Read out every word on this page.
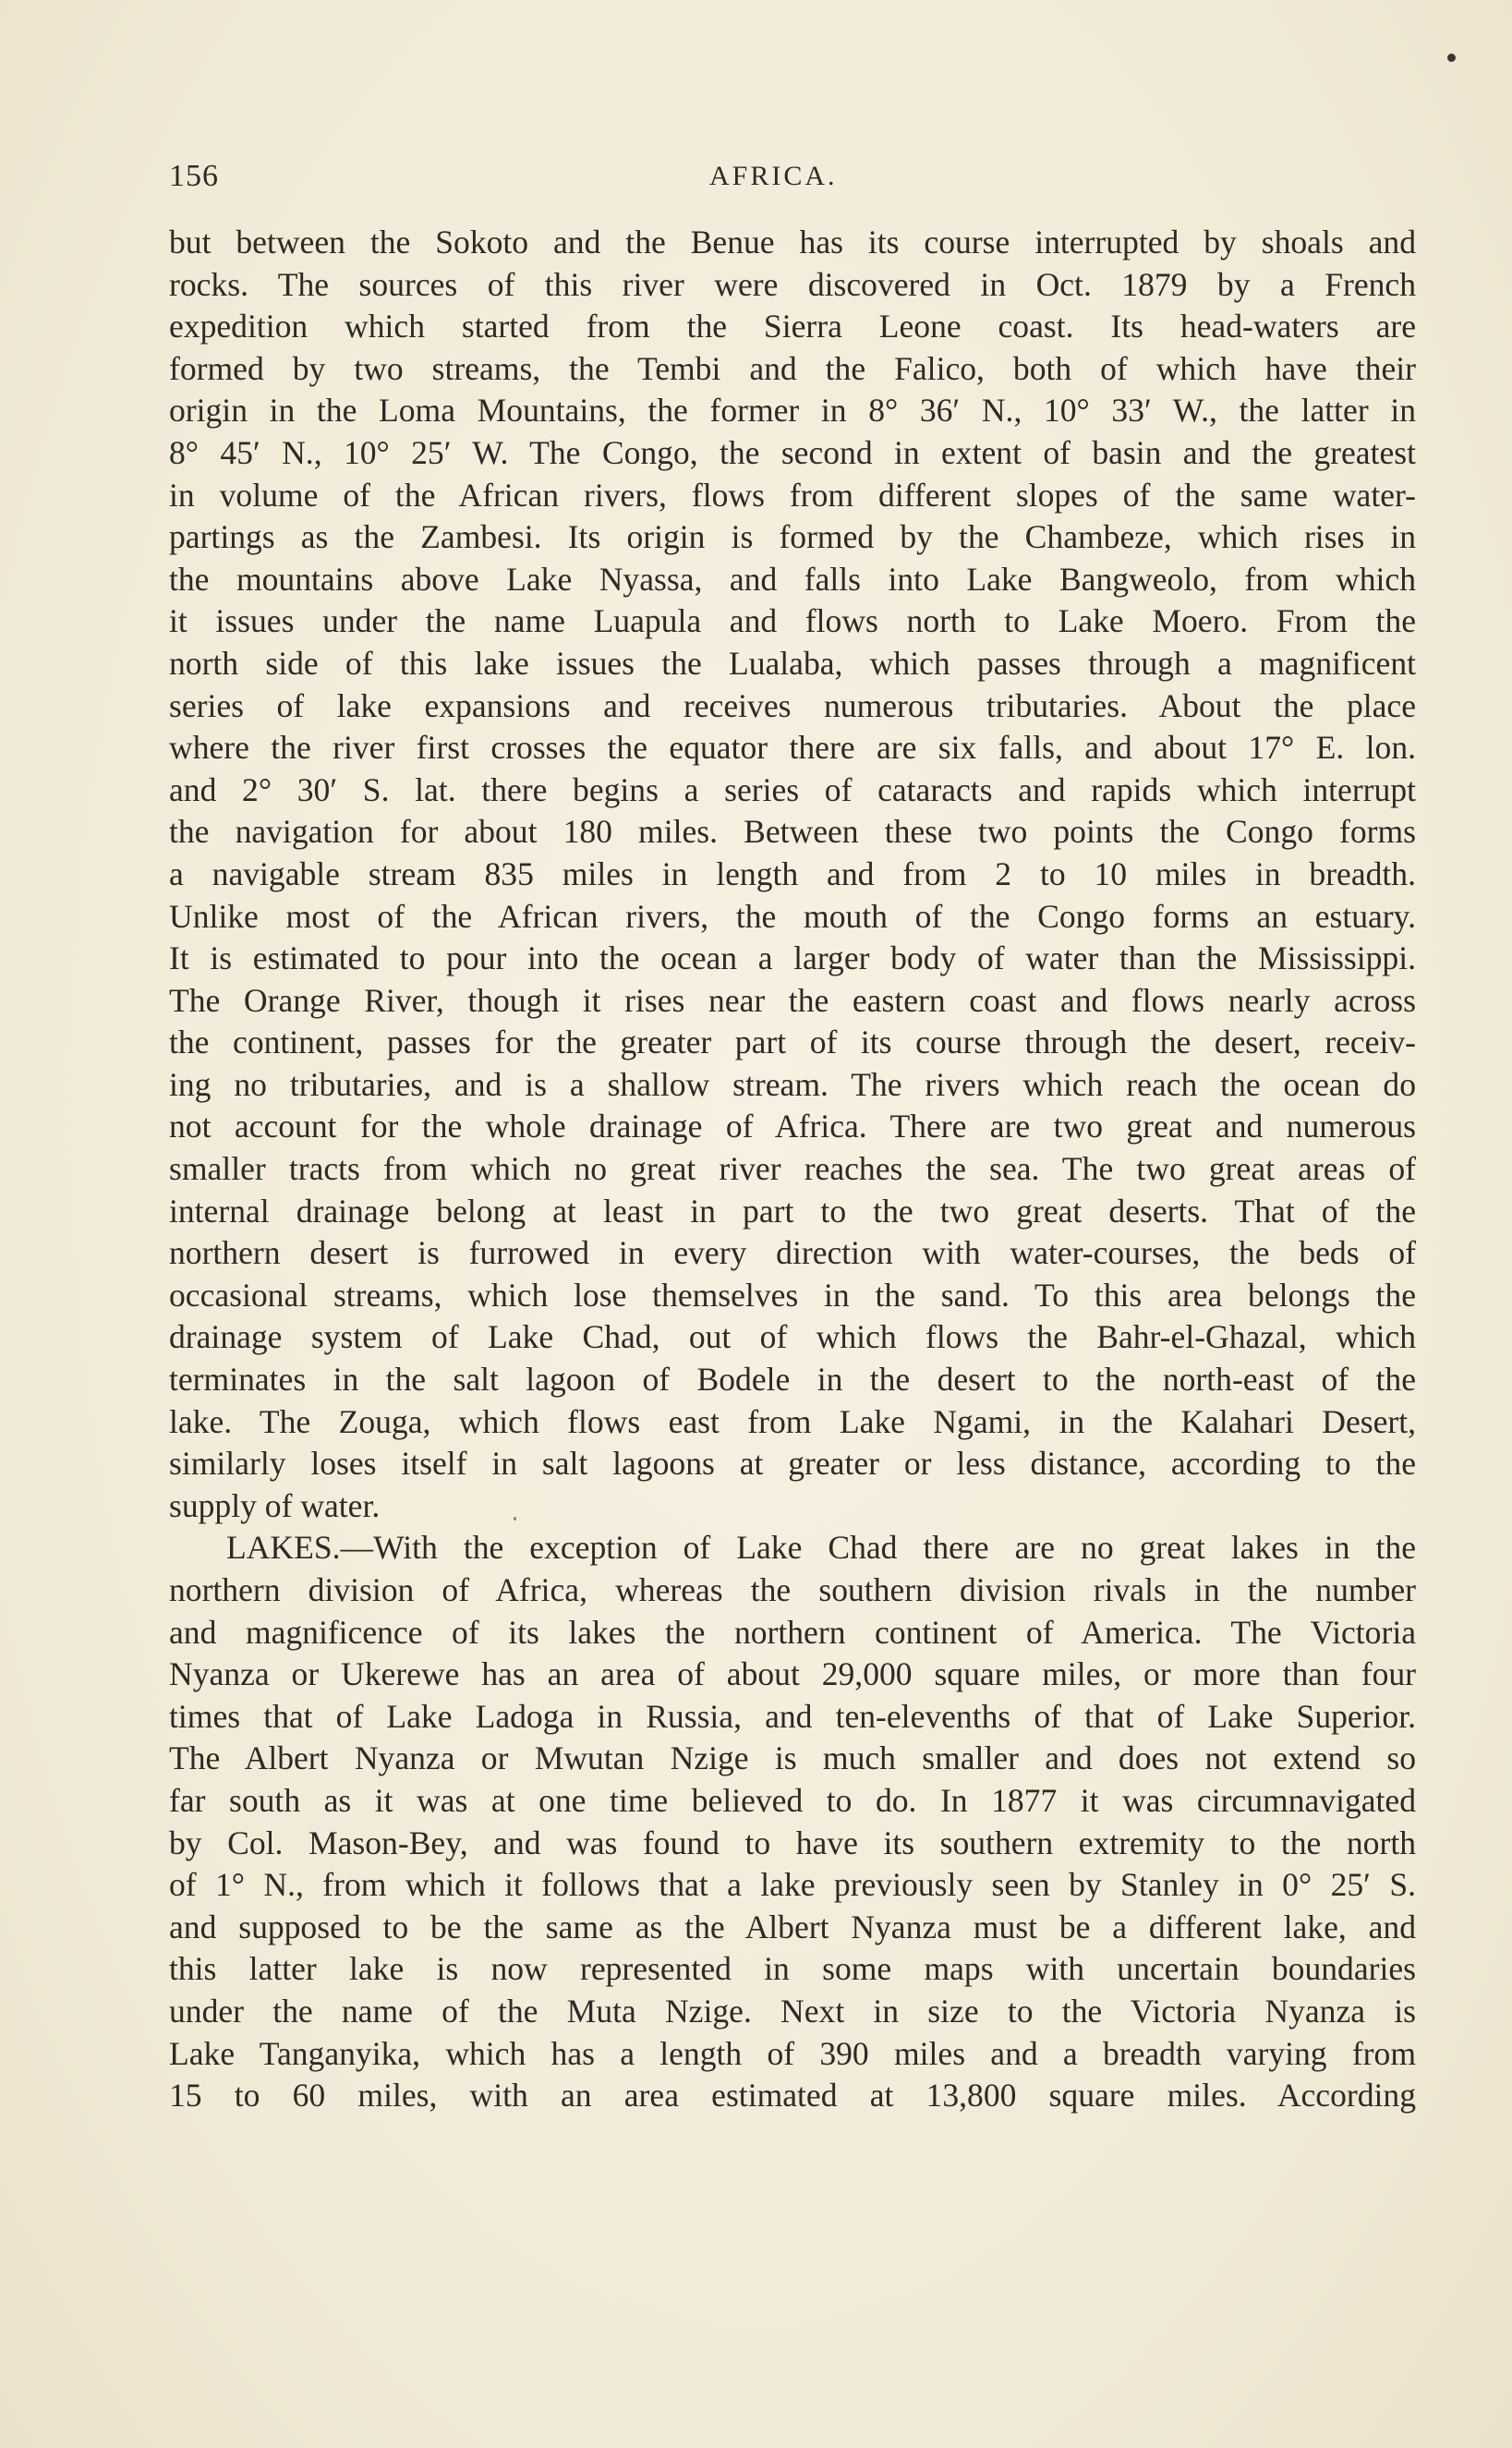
156	AFRICA.
but between the Sokoto and the Benue has its course interrupted by shoals and
rocks. The sources of this river were discovered in Oct. 1879 by a French
expedition which started from the Sierra Leone coast. Its head-waters are
formed by two streams, the Tembi and the Falico, both of which have their
origin in the Loma Mountains, the former in 8° 36′ N., 10° 33′ W., the latter in
8° 45′ N., 10° 25′ W. The Congo, the second in extent of basin and the greatest
in volume of the African rivers, flows from different slopes of the same water-
partings as the Zambesi. Its origin is formed by the Chambeze, which rises in
the mountains above Lake Nyassa, and falls into Lake Bangweolo, from which
it issues under the name Luapula and flows north to Lake Moero. From the
north side of this lake issues the Lualaba, which passes through a magnificent
series of lake expansions and receives numerous tributaries. About the place
where the river first crosses the equator there are six falls, and about 17° E. lon.
and 2° 30′ S. lat. there begins a series of cataracts and rapids which interrupt
the navigation for about 180 miles. Between these two points the Congo forms
a navigable stream 835 miles in length and from 2 to 10 miles in breadth.
Unlike most of the African rivers, the mouth of the Congo forms an estuary.
It is estimated to pour into the ocean a larger body of water than the Mississippi.
The Orange River, though it rises near the eastern coast and flows nearly across
the continent, passes for the greater part of its course through the desert, receiv-
ing no tributaries, and is a shallow stream. The rivers which reach the ocean do
not account for the whole drainage of Africa. There are two great and numerous
smaller tracts from which no great river reaches the sea. The two great areas of
internal drainage belong at least in part to the two great deserts. That of the
northern desert is furrowed in every direction with water-courses, the beds of
occasional streams, which lose themselves in the sand. To this area belongs the
drainage system of Lake Chad, out of which flows the Bahr-el-Ghazal, which
terminates in the salt lagoon of Bodele in the desert to the north-east of the
lake. The Zouga, which flows east from Lake Ngami, in the Kalahari Desert,
similarly loses itself in salt lagoons at greater or less distance, according to the
supply of water.
LAKES.—With the exception of Lake Chad there are no great lakes in the
northern division of Africa, whereas the southern division rivals in the number
and magnificence of its lakes the northern continent of America. The Victoria
Nyanza or Ukerewe has an area of about 29,000 square miles, or more than four
times that of Lake Ladoga in Russia, and ten-elevenths of that of Lake Superior.
The Albert Nyanza or Mwutan Nzige is much smaller and does not extend so
far south as it was at one time believed to do. In 1877 it was circumnavigated
by Col. Mason-Bey, and was found to have its southern extremity to the north
of 1° N., from which it follows that a lake previously seen by Stanley in 0° 25′ S.
and supposed to be the same as the Albert Nyanza must be a different lake, and
this latter lake is now represented in some maps with uncertain boundaries
under the name of the Muta Nzige. Next in size to the Victoria Nyanza is
Lake Tanganyika, which has a length of 390 miles and a breadth varying from
15 to 60 miles, with an area estimated at 13,800 square miles. According
